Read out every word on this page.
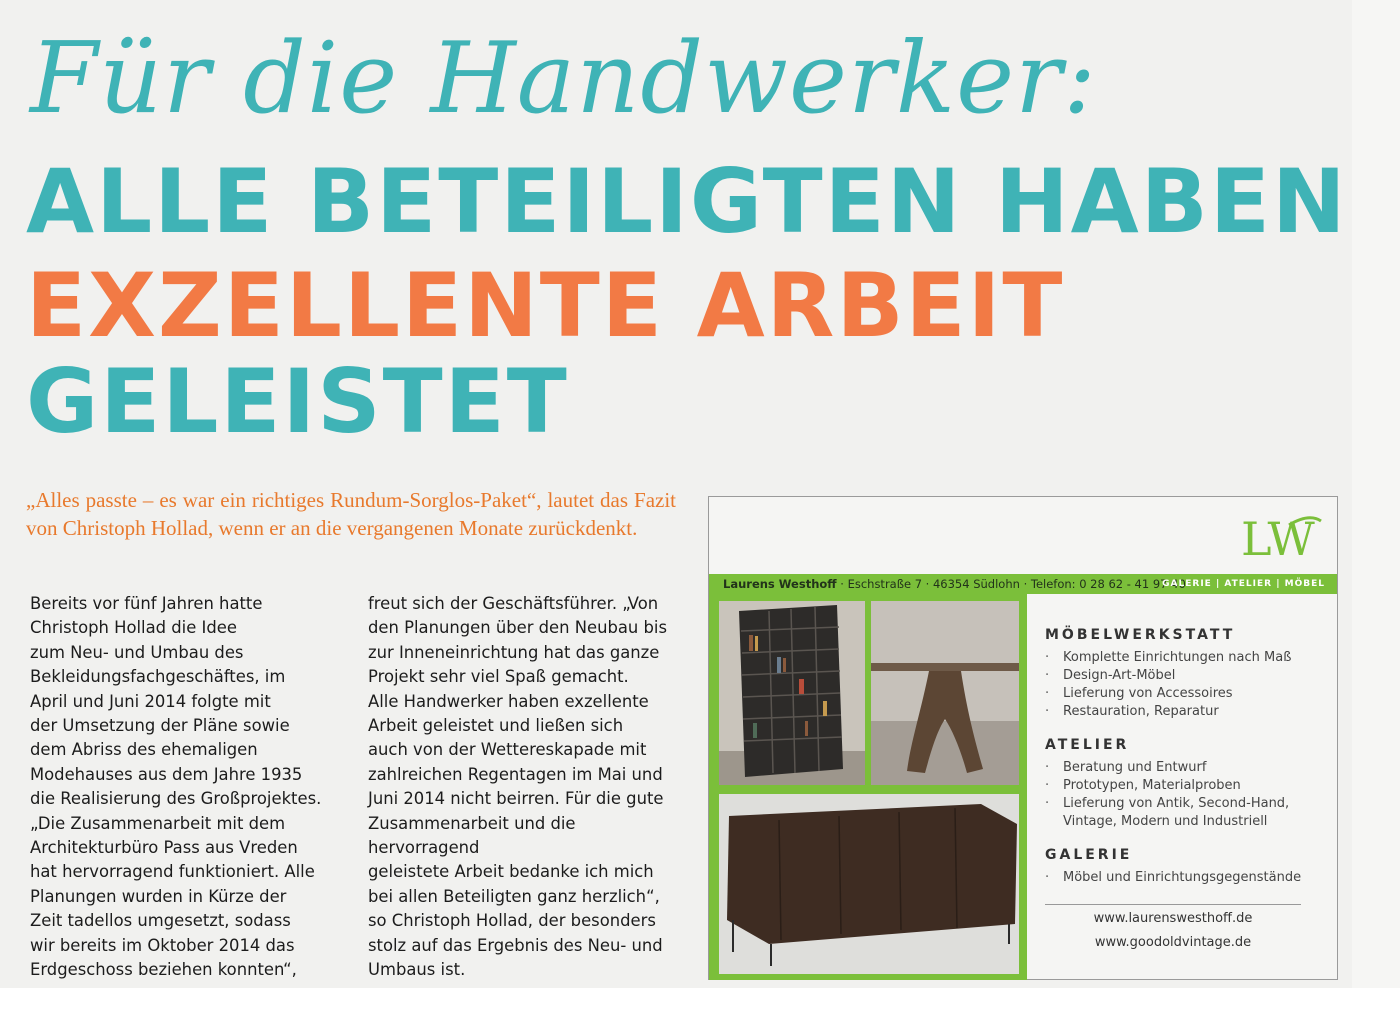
Für die Handwerker:
ALLE BETEILIGTEN HABEN
EXZELLENTE ARBEIT
GELEISTET
„Alles passte – es war ein richtiges Rundum-Sorglos-Paket“, lautet das Fazit von Christoph Hollad, wenn er an die vergangenen Monate zurückdenkt.
Bereits vor fünf Jahren hatte
Christoph Hollad die Idee
zum Neu- und Umbau des
Bekleidungsfachgeschäftes, im
April und Juni 2014 folgte mit
der Umsetzung der Pläne sowie
dem Abriss des ehemaligen
Modehauses aus dem Jahre 1935
die Realisierung des Großprojektes.
„Die Zusammenarbeit mit dem
Architekturbüro Pass aus Vreden
hat hervorragend funktioniert. Alle
Planungen wurden in Kürze der
Zeit tadellos umgesetzt, sodass
wir bereits im Oktober 2014 das
Erdgeschoss beziehen konnten“,
freut sich der Geschäftsführer. „Von
den Planungen über den Neubau bis
zur Inneneinrichtung hat das ganze
Projekt sehr viel Spaß gemacht.
Alle Handwerker haben exzellente
Arbeit geleistet und ließen sich
auch von der Wettereskapade mit
zahlreichen Regentagen im Mai und
Juni 2014 nicht beirren. Für die gute
Zusammenarbeit und die hervorragend
geleistete Arbeit bedanke ich mich
bei allen Beteiligten ganz herzlich“,
so Christoph Hollad, der besonders
stolz auf das Ergebnis des Neu- und
Umbaus ist.
LW
Laurens Westhoff · Eschstraße 7 · 46354 Südlohn · Telefon: 0 28 62 - 41 97 40
GALERIE | ATELIER | MÖBEL
MÖBELWERKSTATT
· Komplette Einrichtungen nach Maß
· Design-Art-Möbel
· Lieferung von Accessoires
· Restauration, Reparatur
ATELIER
· Beratung und Entwurf
· Prototypen, Materialproben
· Lieferung von Antik, Second-Hand, Vintage, Modern und Industriell
GALERIE
· Möbel und Einrichtungsgegenstände
www.laurenswesthoff.de
www.goodoldvintage.de
